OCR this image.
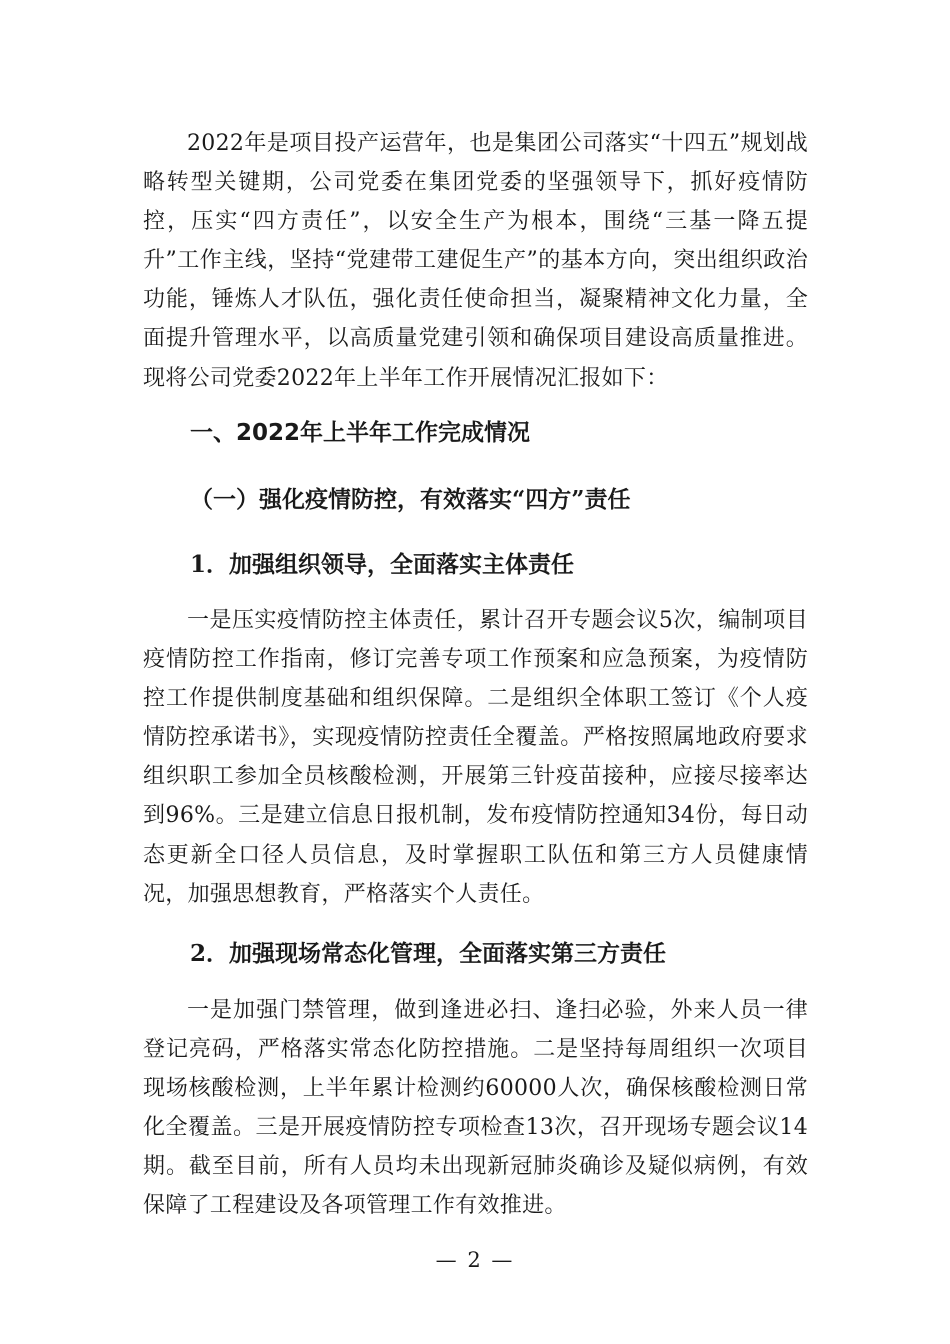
2022年是项目投产运营年，也是集团公司落实“十四五”规划战略转型关键期，公司党委在集团党委的坚强领导下，抓好疫情防控，压实“四方责任”，以安全生产为根本，围绕“三基一降五提升”工作主线，坚持“党建带工建促生产”的基本方向，突出组织政治功能，锤炼人才队伍，强化责任使命担当，凝聚精神文化力量，全面提升管理水平，以高质量党建引领和确保项目建设高质量推进。现将公司党委2022年上半年工作开展情况汇报如下：

一、2022年上半年工作完成情况
（一）强化疫情防控，有效落实“四方”责任
1．加强组织领导，全面落实主体责任

一是压实疫情防控主体责任，累计召开专题会议5次，编制项目疫情防控工作指南，修订完善专项工作预案和应急预案，为疫情防控工作提供制度基础和组织保障。二是组织全体职工签订《个人疫情防控承诺书》，实现疫情防控责任全覆盖。严格按照属地政府要求组织职工参加全员核酸检测，开展第三针疫苗接种，应接尽接率达到96%。三是建立信息日报机制，发布疫情防控通知34份，每日动态更新全口径人员信息，及时掌握职工队伍和第三方人员健康情况，加强思想教育，严格落实个人责任。

2．加强现场常态化管理，全面落实第三方责任

一是加强门禁管理，做到逢进必扫、逢扫必验，外来人员一律登记亮码，严格落实常态化防控措施。二是坚持每周组织一次项目现场核酸检测，上半年累计检测约60000人次，确保核酸检测日常化全覆盖。三是开展疫情防控专项检查13次，召开现场专题会议14期。截至目前，所有人员均未出现新冠肺炎确诊及疑似病例，有效保障了工程建设及各项管理工作有效推进。

— 2 —
